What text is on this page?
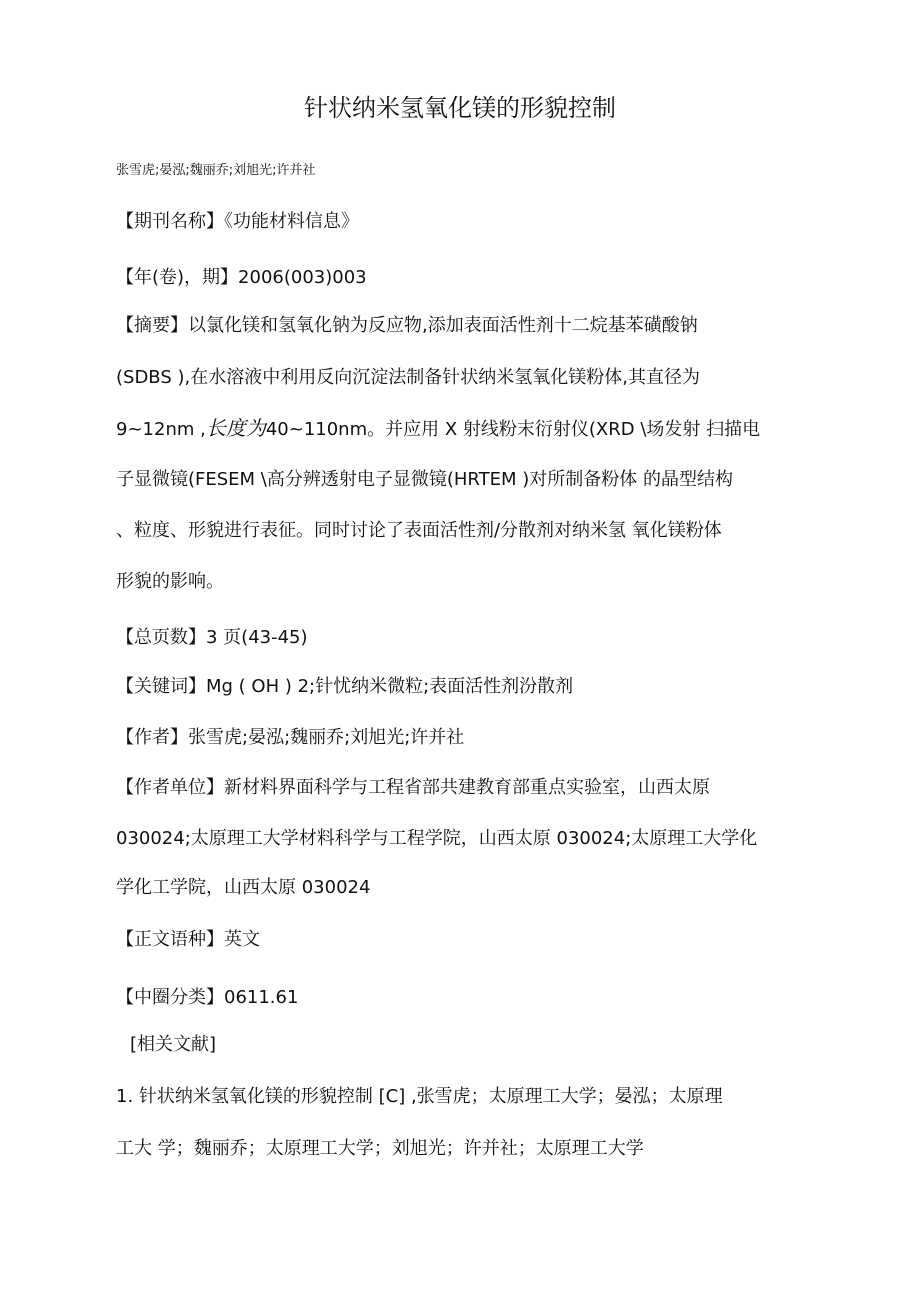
针状纳米氢氧化镁的形貌控制
张雪虎;晏泓;魏丽乔;刘旭光;许并社
【期刊名称】《功能材料信息》
【年(卷)，期】2006(003)003
【摘要】以氯化镁和氢氧化钠为反应物,添加表面活性剂十二烷基苯磺酸钠
(SDBS ),在水溶液中利用反向沉淀法制备针状纳米氢氧化镁粉体,其直径为
9~12nm ,长度为40~110nm。并应用 X 射线粉末衍射仪(XRD \场发射 扫描电
子显微镜(FESEM \高分辨透射电子显微镜(HRTEM )对所制备粉体 的晶型结构
、粒度、形貌进行表征。同时讨论了表面活性剂/分散剂对纳米氢 氧化镁粉体
形貌的影响。
【总页数】3 页(43-45)
【关键词】Mg ( OH ) 2;针忧纳米微粒;表面活性剂汾散剂
【作者】张雪虎;晏泓;魏丽乔;刘旭光;许并社
【作者单位】新材料界面科学与工程省部共建教育部重点实验室，山西太原
030024;太原理工大学材料科学与工程学院，山西太原 030024;太原理工大学化
学化工学院，山西太原 030024
【正文语种】英文
【中圈分类】0611.61
[相关文献]
1. 针状纳米氢氧化镁的形貌控制 [C] ,张雪虎；太原理工大学；晏泓；太原理
工大 学；魏丽乔；太原理工大学；刘旭光；许并社；太原理工大学
